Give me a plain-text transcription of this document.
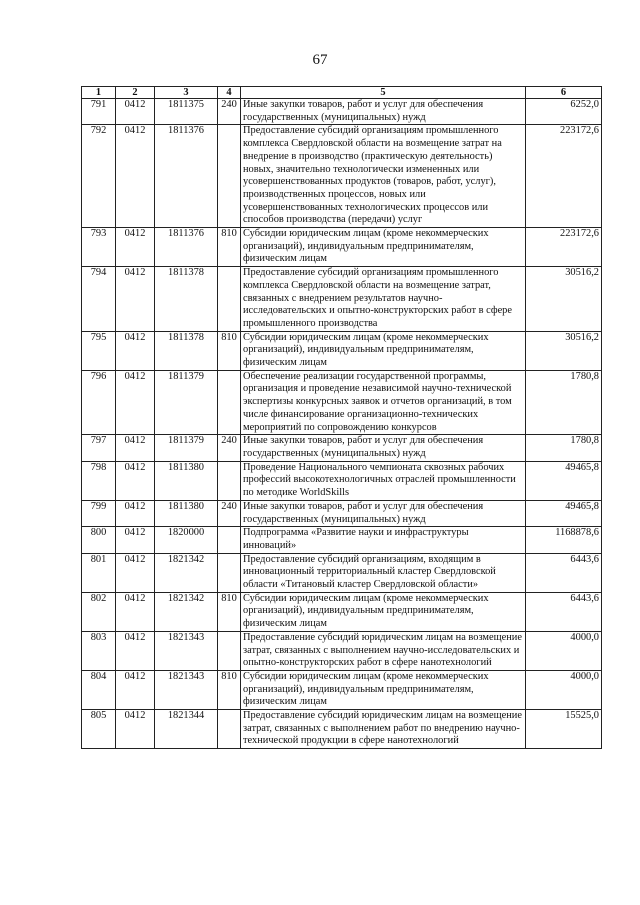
67
1	2	3	4	5	6
791	0412	1811375	240	Иные закупки товаров, работ и услуг для обеспечения государственных (муниципальных) нужд	6252,0
792	0412	1811376		Предоставление субсидий организациям промышленного комплекса Свердловской области на возмещение затрат на внедрение в производство (практическую деятельность) новых, значительно технологически измененных или усовершенствованных продуктов (товаров, работ, услуг), производственных процессов, новых или усовершенствованных технологических процессов или способов производства (передачи) услуг	223172,6
793	0412	1811376	810	Субсидии юридическим лицам (кроме некоммерческих организаций), индивидуальным предпринимателям, физическим лицам	223172,6
794	0412	1811378		Предоставление субсидий организациям промышленного комплекса Свердловской области на возмещение затрат, связанных с внедрением результатов научно-исследовательских и опытно-конструкторских работ в сфере промышленного производства	30516,2
795	0412	1811378	810	Субсидии юридическим лицам (кроме некоммерческих организаций), индивидуальным предпринимателям, физическим лицам	30516,2
796	0412	1811379		Обеспечение реализации государственной программы, организация и проведение независимой научно-технической экспертизы конкурсных заявок и отчетов организаций, в том числе финансирование организационно-технических мероприятий по сопровождению конкурсов	1780,8
797	0412	1811379	240	Иные закупки товаров, работ и услуг для обеспечения государственных (муниципальных) нужд	1780,8
798	0412	1811380		Проведение Национального чемпионата сквозных рабочих профессий высокотехнологичных отраслей промышленности по методике WorldSkills	49465,8
799	0412	1811380	240	Иные закупки товаров, работ и услуг для обеспечения государственных (муниципальных) нужд	49465,8
800	0412	1820000		Подпрограмма «Развитие науки и инфраструктуры инноваций»	1168878,6
801	0412	1821342		Предоставление субсидий организациям, входящим в инновационный территориальный кластер Свердловской области «Титановый кластер Свердловской области»	6443,6
802	0412	1821342	810	Субсидии юридическим лицам (кроме некоммерческих организаций), индивидуальным предпринимателям, физическим лицам	6443,6
803	0412	1821343		Предоставление субсидий юридическим лицам на возмещение затрат, связанных с выполнением научно-исследовательских и опытно-конструкторских работ в сфере нанотехнологий	4000,0
804	0412	1821343	810	Субсидии юридическим лицам (кроме некоммерческих организаций), индивидуальным предпринимателям, физическим лицам	4000,0
805	0412	1821344		Предоставление субсидий юридическим лицам на возмещение затрат, связанных с выполнением работ по внедрению научно-технической продукции в сфере нанотехнологий	15525,0
